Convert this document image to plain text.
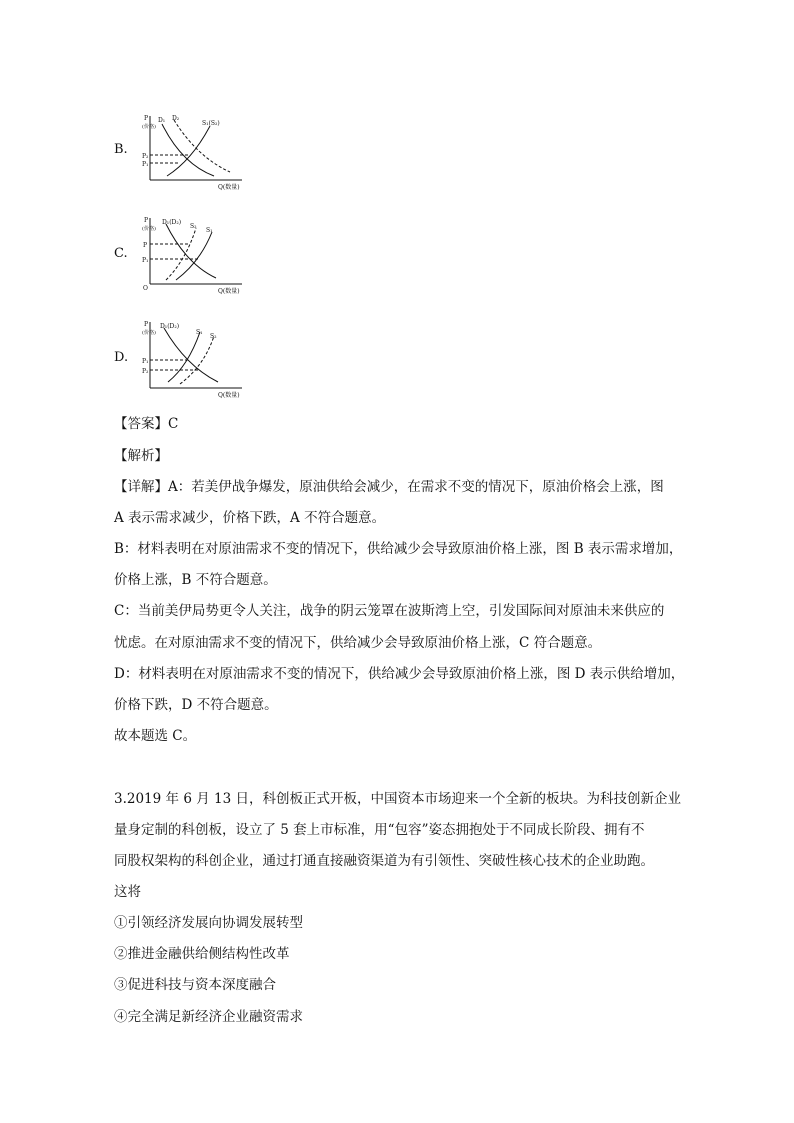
B.
P
(价格)
D₁ D₂
S₁(S₂)
P₂
P₁
Q(数量)
C.
P
(价格)
D₁(D₂)
S₂
S₁
P
P₁
O	Q(数量)
D.
P
(价格)
D₁(D₂)
S₁
S₂
P₁
P₂
Q(数量)
【答案】C
【解析】
【详解】A：若美伊战争爆发，原油供给会减少，在需求不变的情况下，原油价格会上涨，图
A 表示需求减少，价格下跌，A 不符合题意。
B：材料表明在对原油需求不变的情况下，供给减少会导致原油价格上涨，图 B 表示需求增加，
价格上涨，B 不符合题意。
C：当前美伊局势更令人关注，战争的阴云笼罩在波斯湾上空，引发国际间对原油未来供应的
忧虑。在对原油需求不变的情况下，供给减少会导致原油价格上涨，C 符合题意。
D：材料表明在对原油需求不变的情况下，供给减少会导致原油价格上涨，图 D 表示供给增加，
价格下跌，D 不符合题意。
故本题选 C。
3.2019 年 6 月 13 日，科创板正式开板，中国资本市场迎来一个全新的板块。为科技创新企业
量身定制的科创板，设立了 5 套上市标准，用“包容”姿态拥抱处于不同成长阶段、拥有不
同股权架构的科创企业，通过打通直接融资渠道为有引领性、突破性核心技术的企业助跑。
这将
①引领经济发展向协调发展转型
②推进金融供给侧结构性改革
③促进科技与资本深度融合
④完全满足新经济企业融资需求
